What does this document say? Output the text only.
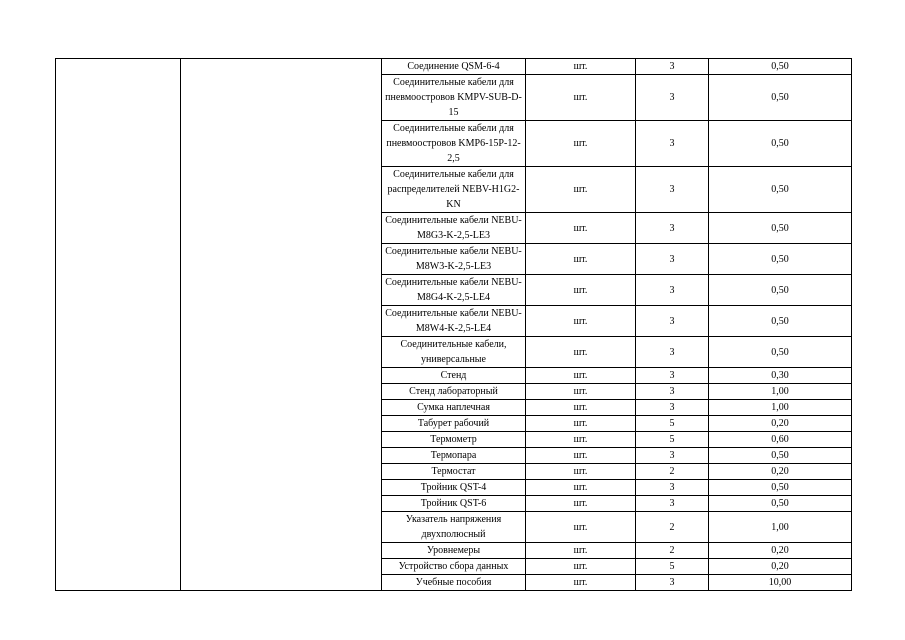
		Соединение QSM-6-4	шт.	3	0,50
		Соединительные кабели для пневмоостровов KMPV-SUB-D-15	шт.	3	0,50
		Соединительные кабели для пневмоостровов KMP6-15P-12-2,5	шт.	3	0,50
		Соединительные кабели для распределителей NEBV-H1G2-KN	шт.	3	0,50
		Соединительные кабели NEBU-M8G3-K-2,5-LE3	шт.	3	0,50
		Соединительные кабели NEBU-M8W3-K-2,5-LE3	шт.	3	0,50
		Соединительные кабели NEBU-M8G4-K-2,5-LE4	шт.	3	0,50
		Соединительные кабели NEBU-M8W4-K-2,5-LE4	шт.	3	0,50
		Соединительные кабели, универсальные	шт.	3	0,50
		Стенд	шт.	3	0,30
		Стенд лабораторный	шт.	3	1,00
		Сумка наплечная	шт.	3	1,00
		Табурет рабочий	шт.	5	0,20
		Термометр	шт.	5	0,60
		Термопара	шт.	3	0,50
		Термостат	шт.	2	0,20
		Тройник QST-4	шт.	3	0,50
		Тройник QST-6	шт.	3	0,50
		Указатель напряжения двухполюсный	шт.	2	1,00
		Уровнемеры	шт.	2	0,20
		Устройство сбора данных	шт.	5	0,20
		Учебные пособия	шт.	3	10,00
